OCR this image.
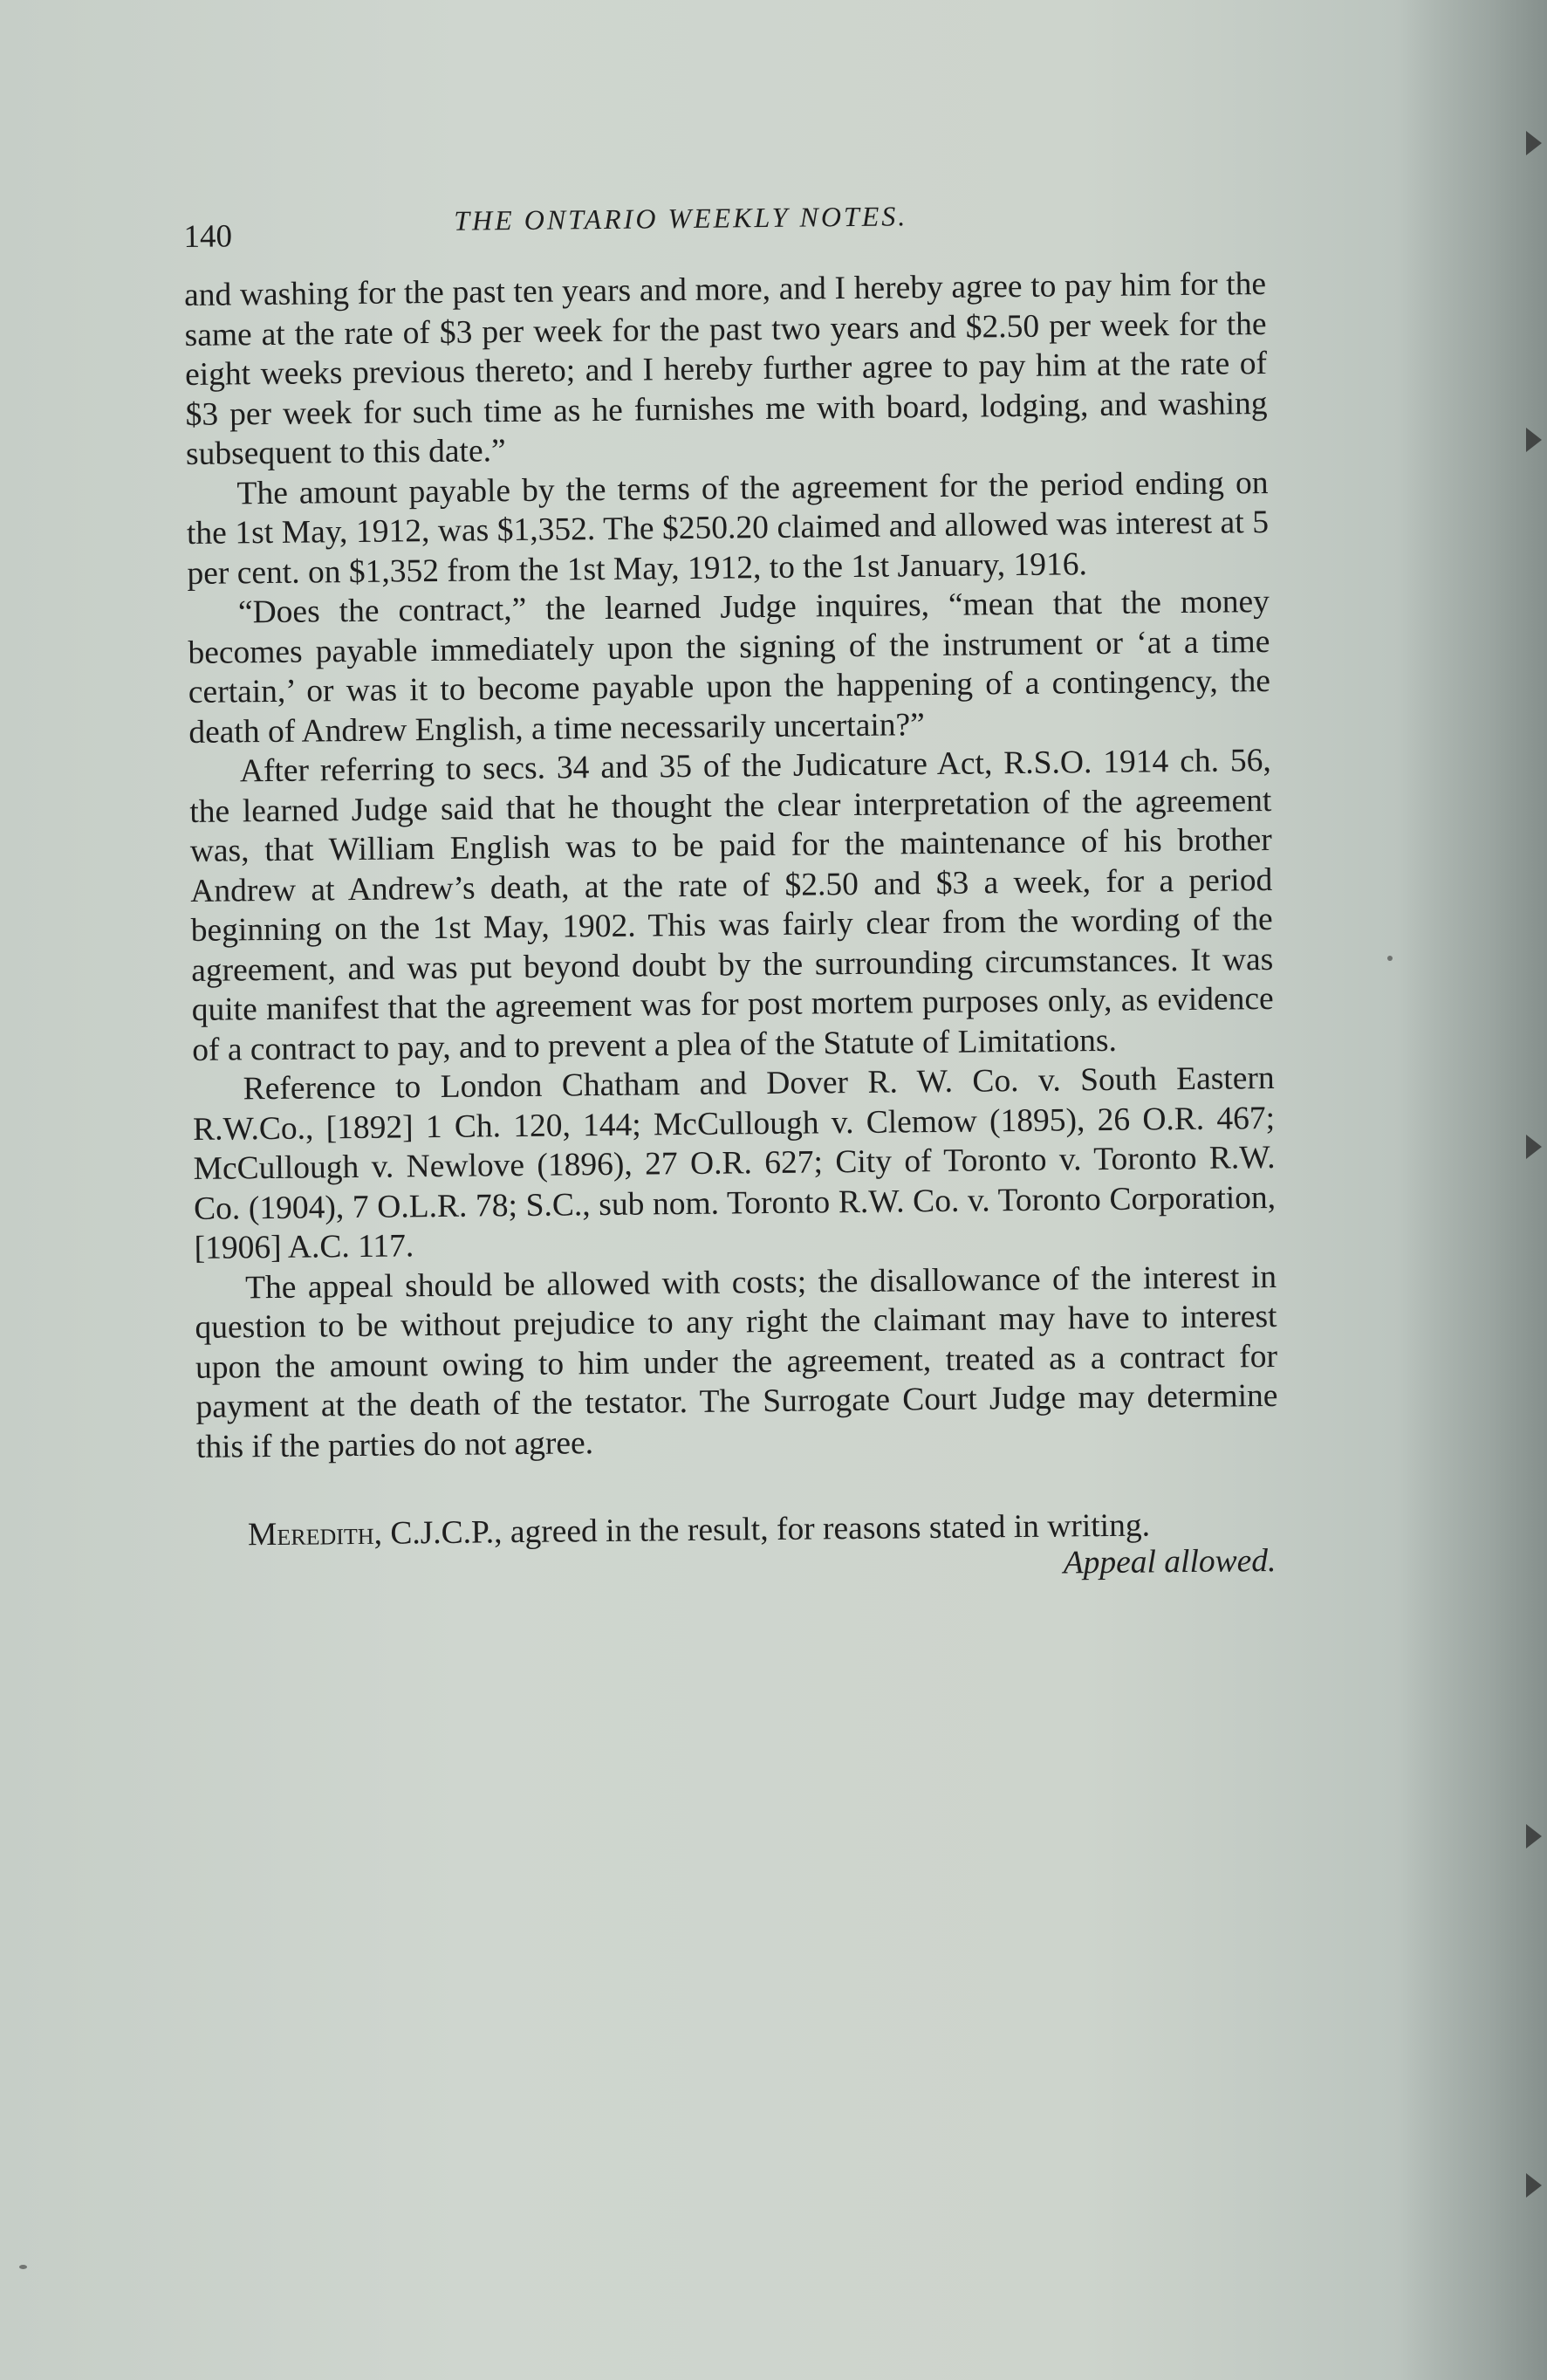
140
THE ONTARIO WEEKLY NOTES.

and washing for the past ten years and more, and I hereby agree to pay him for the same at the rate of $3 per week for the past two years and $2.50 per week for the eight weeks previous thereto; and I hereby further agree to pay him at the rate of $3 per week for such time as he furnishes me with board, lodging, and washing subsequent to this date.”

The amount payable by the terms of the agreement for the period ending on the 1st May, 1912, was $1,352. The $250.20 claimed and allowed was interest at 5 per cent. on $1,352 from the 1st May, 1912, to the 1st January, 1916.

“Does the contract,” the learned Judge inquires, “mean that the money becomes payable immediately upon the signing of the instrument or ‘at a time certain,’ or was it to become payable upon the happening of a contingency, the death of Andrew English, a time necessarily uncertain?”

After referring to secs. 34 and 35 of the Judicature Act, R.S.O. 1914 ch. 56, the learned Judge said that he thought the clear interpretation of the agreement was, that William English was to be paid for the maintenance of his brother Andrew at Andrew’s death, at the rate of $2.50 and $3 a week, for a period beginning on the 1st May, 1902. This was fairly clear from the wording of the agreement, and was put beyond doubt by the surrounding circumstances. It was quite manifest that the agreement was for post mortem purposes only, as evidence of a contract to pay, and to prevent a plea of the Statute of Limitations.

Reference to London Chatham and Dover R. W. Co. v. South Eastern R.W.Co., [1892] 1 Ch. 120, 144; McCullough v. Clemow (1895), 26 O.R. 467; McCullough v. Newlove (1896), 27 O.R. 627; City of Toronto v. Toronto R.W. Co. (1904), 7 O.L.R. 78; S.C., sub nom. Toronto R.W. Co. v. Toronto Corporation, [1906] A.C. 117.

The appeal should be allowed with costs; the disallowance of the interest in question to be without prejudice to any right the claimant may have to interest upon the amount owing to him under the agreement, treated as a contract for payment at the death of the testator. The Surrogate Court Judge may determine this if the parties do not agree.

Meredith, C.J.C.P., agreed in the result, for reasons stated in writing.

Appeal allowed.
